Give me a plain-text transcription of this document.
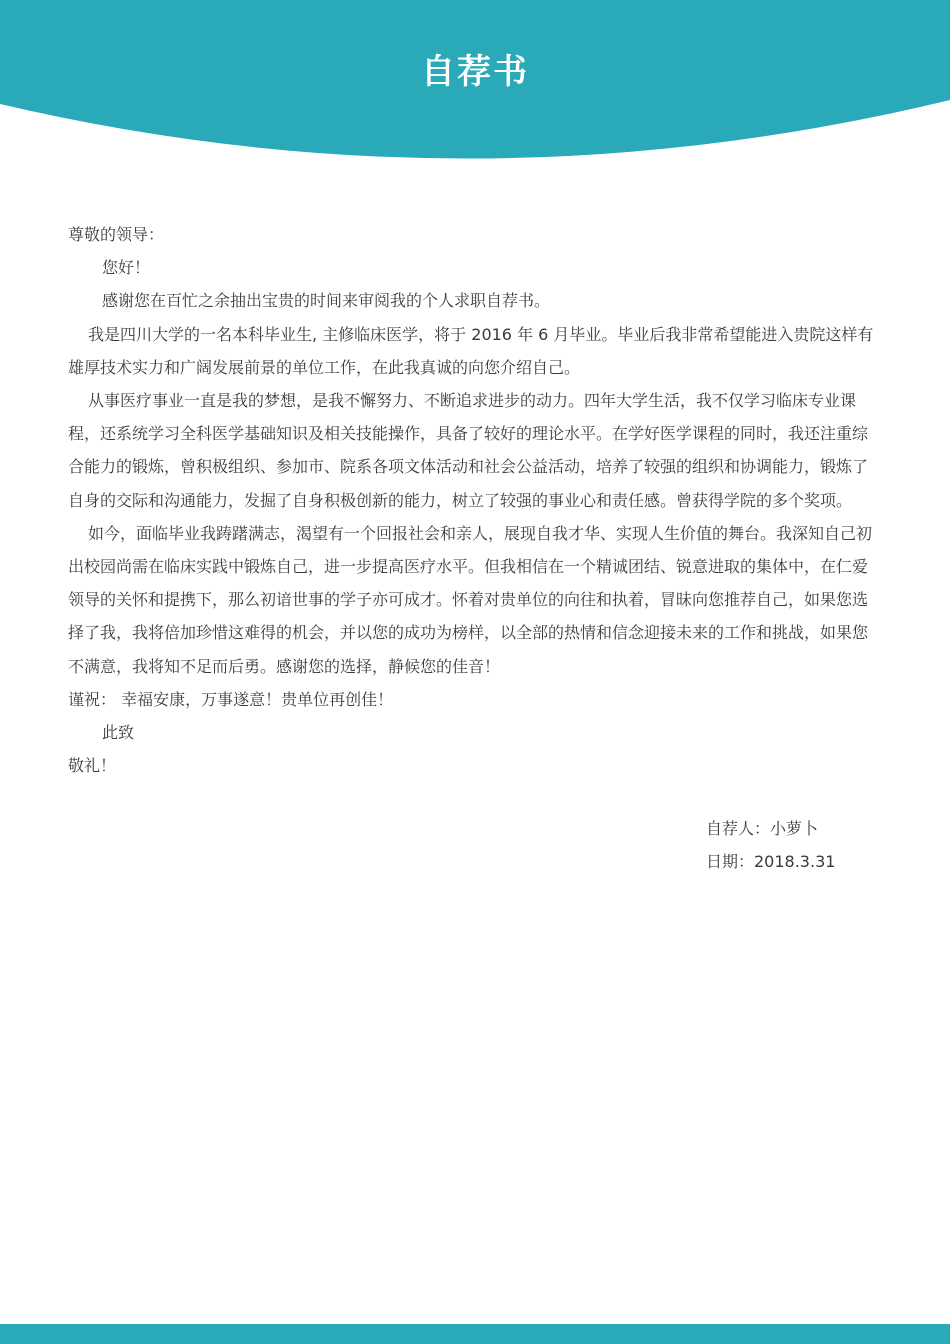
自荐书

尊敬的领导：

您好！

感谢您在百忙之余抽出宝贵的时间来审阅我的个人求职自荐书。

我是四川大学的一名本科毕业生, 主修临床医学，将于 2016 年 6 月毕业。毕业后我非常希望能进入贵院这样有雄厚技术实力和广阔发展前景的单位工作，在此我真诚的向您介绍自己。

从事医疗事业一直是我的梦想，是我不懈努力、不断追求进步的动力。四年大学生活，我不仅学习临床专业课程，还系统学习全科医学基础知识及相关技能操作，具备了较好的理论水平。在学好医学课程的同时，我还注重综合能力的锻炼，曾积极组织、参加市、院系各项文体活动和社会公益活动，培养了较强的组织和协调能力，锻炼了自身的交际和沟通能力，发掘了自身积极创新的能力，树立了较强的事业心和责任感。曾获得学院的多个奖项。

如今，面临毕业我踌躇满志，渴望有一个回报社会和亲人，展现自我才华、实现人生价值的舞台。我深知自己初出校园尚需在临床实践中锻炼自己，进一步提高医疗水平。但我相信在一个精诚团结、锐意进取的集体中，在仁爱领导的关怀和提携下，那么初谙世事的学子亦可成才。怀着对贵单位的向往和执着，冒昧向您推荐自己，如果您选择了我，我将倍加珍惜这难得的机会，并以您的成功为榜样，以全部的热情和信念迎接未来的工作和挑战，如果您不满意，我将知不足而后勇。感谢您的选择，静候您的佳音！

谨祝： 幸福安康，万事遂意！贵单位再创佳！

此致

敬礼！

自荐人：小萝卜

日期：2018.3.31
